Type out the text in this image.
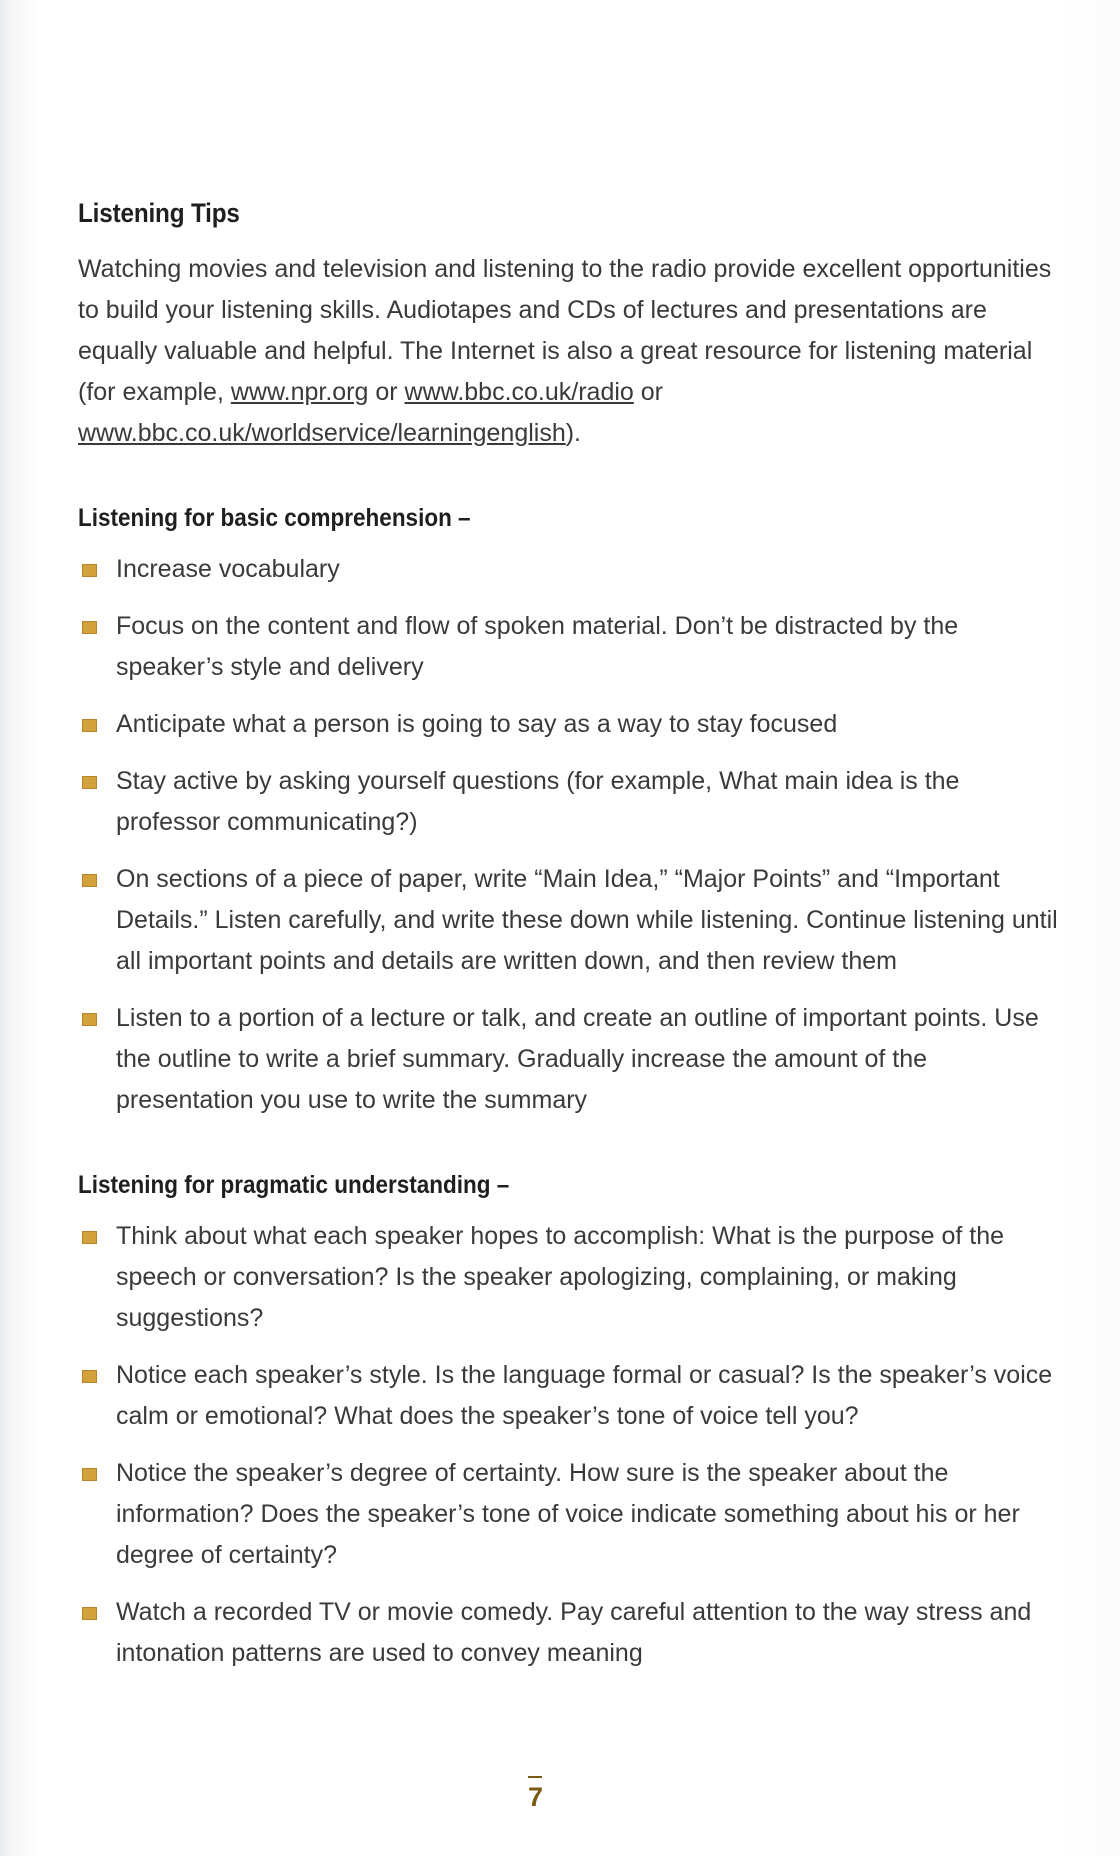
Listening Tips

Watching movies and television and listening to the radio provide excellent opportunities to build your listening skills. Audiotapes and CDs of lectures and presentations are equally valuable and helpful. The Internet is also a great resource for listening material (for example, www.npr.org or www.bbc.co.uk/radio or www.bbc.co.uk/worldservice/learningenglish).

Listening for basic comprehension –
Increase vocabulary
Focus on the content and flow of spoken material. Don’t be distracted by the speaker’s style and delivery
Anticipate what a person is going to say as a way to stay focused
Stay active by asking yourself questions (for example, What main idea is the professor communicating?)
On sections of a piece of paper, write “Main Idea,” “Major Points” and “Important Details.” Listen carefully, and write these down while listening. Continue listening until all important points and details are written down, and then review them
Listen to a portion of a lecture or talk, and create an outline of important points. Use the outline to write a brief summary. Gradually increase the amount of the presentation you use to write the summary
Listening for pragmatic understanding –
Think about what each speaker hopes to accomplish: What is the purpose of the speech or conversation? Is the speaker apologizing, complaining, or making suggestions?
Notice each speaker’s style. Is the language formal or casual? Is the speaker’s voice calm or emotional? What does the speaker’s tone of voice tell you?
Notice the speaker’s degree of certainty. How sure is the speaker about the information? Does the speaker’s tone of voice indicate something about his or her degree of certainty?
Watch a recorded TV or movie comedy. Pay careful attention to the way stress and intonation patterns are used to convey meaning
7
